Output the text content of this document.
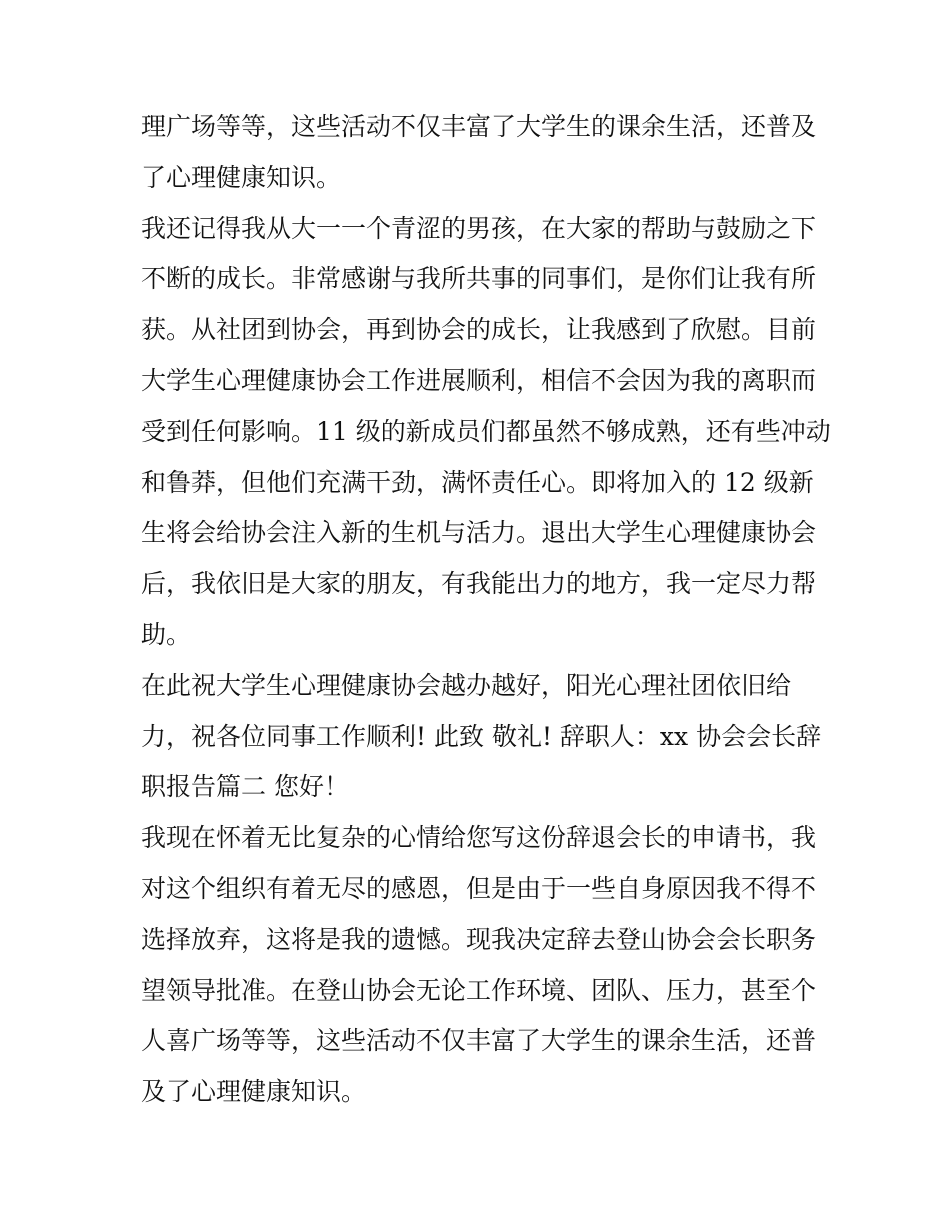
理广场等等，这些活动不仅丰富了大学生的课余生活，还普及
了心理健康知识。
我还记得我从大一一个青涩的男孩，在大家的帮助与鼓励之下
不断的成长。非常感谢与我所共事的同事们，是你们让我有所
获。从社团到协会，再到协会的成长，让我感到了欣慰。目前
大学生心理健康协会工作进展顺利，相信不会因为我的离职而
受到任何影响。11 级的新成员们都虽然不够成熟，还有些冲动
和鲁莽，但他们充满干劲，满怀责任心。即将加入的 12 级新
生将会给协会注入新的生机与活力。退出大学生心理健康协会
后，我依旧是大家的朋友，有我能出力的地方，我一定尽力帮
助。
在此祝大学生心理健康协会越办越好，阳光心理社团依旧给
力，祝各位同事工作顺利! 此致 敬礼! 辞职人：xx 协会会长辞
职报告篇二 您好！
我现在怀着无比复杂的心情给您写这份辞退会长的申请书，我
对这个组织有着无尽的感恩，但是由于一些自身原因我不得不
选择放弃，这将是我的遗憾。现我决定辞去登山协会会长职务
望领导批准。在登山协会无论工作环境、团队、压力，甚至个
人喜广场等等，这些活动不仅丰富了大学生的课余生活，还普
及了心理健康知识。
